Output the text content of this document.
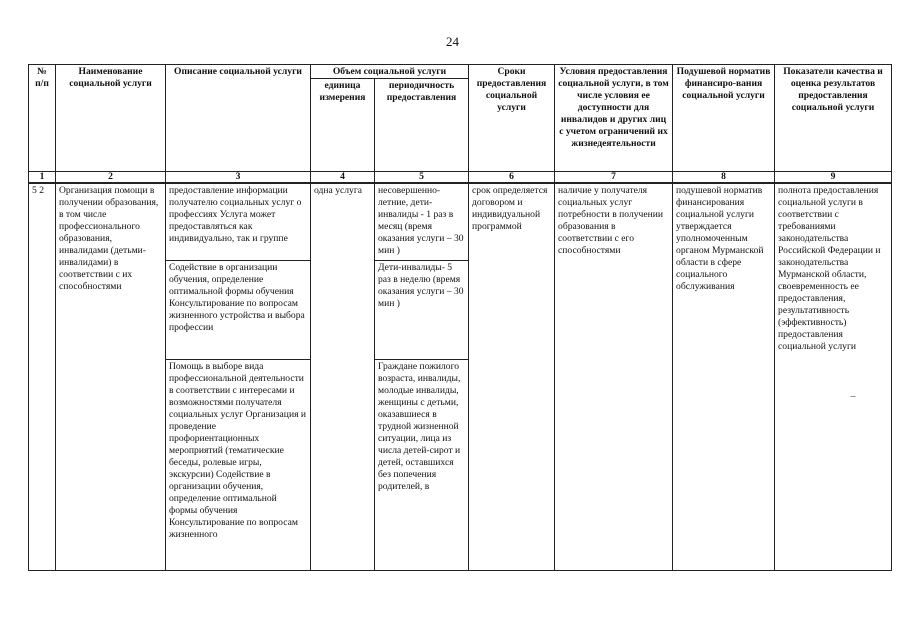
24
№ п/п	Наименование социальной услуги	Описание социальной услуги	Объем социальной услуги		Сроки предоставления социальной услуги	Условия предоставления социальной услуги, в том числе условия ее доступности для инвалидов и других лиц с учетом ограничений их жизнедеятельности	Подушевой норматив финансиро-вания социальной услуги	Показатели качества и оценка результатов предоставления социальной услуги
			единица измерения	периодичность предоставления				
1	2	3	4	5	6	7	8	9
5 2	Организация помощи в получении образования, в том числе профессионального образования, инвалидами (детьми-инвалидами) в соответствии с их способностями	предоставление информации получателю социальных услуг о профессиях Услуга может предоставляться как индивидуально, так и группе	одна услуга	несовершенно-летние, дети-инвалиды - 1 раз в месяц (время оказания услуги – 30 мин )	срок определяется договором и индивидуальной программой	наличие у получателя социальных услуг потребности в получении образования в соответствии с его способностями	подушевой норматив финансирования социальной услуги утверждается уполномоченным органом Мурманской области в сфере социального обслуживания	полнота предоставления социальной услуги в соответствии с требованиями законодательства Российской Федерации и законодательства Мурманской области, своевременность ее предоставления, результативность (эффективность) предоставления социальной услуги
–

		Содействие в организации обучения, определение оптимальной формы обучения Консультирование по вопросам жизненного устройства и выбора профессии		Дети-инвалиды- 5 раз в неделю (время оказания услуги – 30 мин )				
		Помощь в выборе вида профессиональной деятельности в соответствии с интересами и возможностями получателя социальных услуг Организация и проведение профориентационных мероприятий (тематические беседы, ролевые игры, экскурсии) Содействие в организации обучения, определение оптимальной формы обучения Консультирование по вопросам жизненного		Граждане пожилого возраста, инвалиды, молодые инвалиды, женщины с детьми, оказавшиеся в трудной жизненной ситуации, лица из числа детей-сирот и детей, оставшихся без попечения родителей, в				
